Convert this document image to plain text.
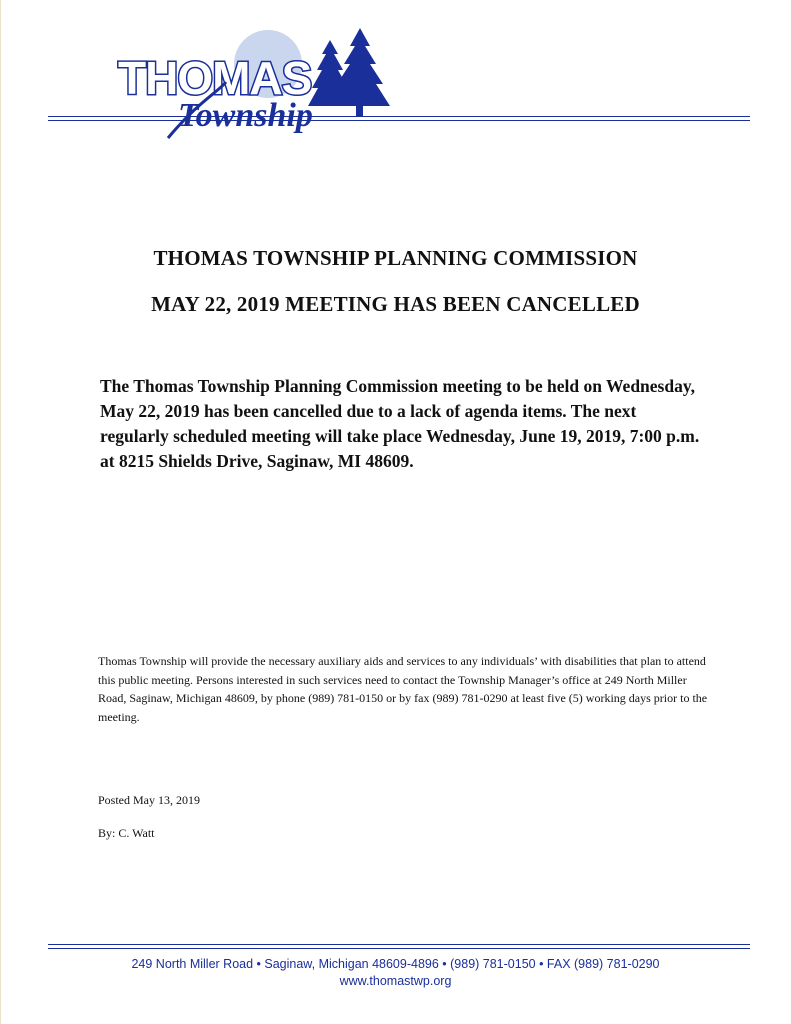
THOMAS
Township
THOMAS TOWNSHIP PLANNING COMMISSION
MAY 22, 2019 MEETING HAS BEEN CANCELLED
The Thomas Township Planning Commission meeting to be held on Wednesday, May 22, 2019 has been cancelled due to a lack of agenda items. The next regularly scheduled meeting will take place Wednesday, June 19, 2019, 7:00 p.m. at 8215 Shields Drive, Saginaw, MI 48609.
Thomas Township will provide the necessary auxiliary aids and services to any individuals’ with disabilities that plan to attend this public meeting. Persons interested in such services need to contact the Township Manager’s office at 249 North Miller Road, Saginaw, Michigan 48609, by phone (989) 781-0150 or by fax (989) 781-0290 at least five (5) working days prior to the meeting.
Posted May 13, 2019
By: C. Watt
249 North Miller Road • Saginaw, Michigan 48609-4896 • (989) 781-0150 • FAX (989) 781-0290
www.thomastwp.org
